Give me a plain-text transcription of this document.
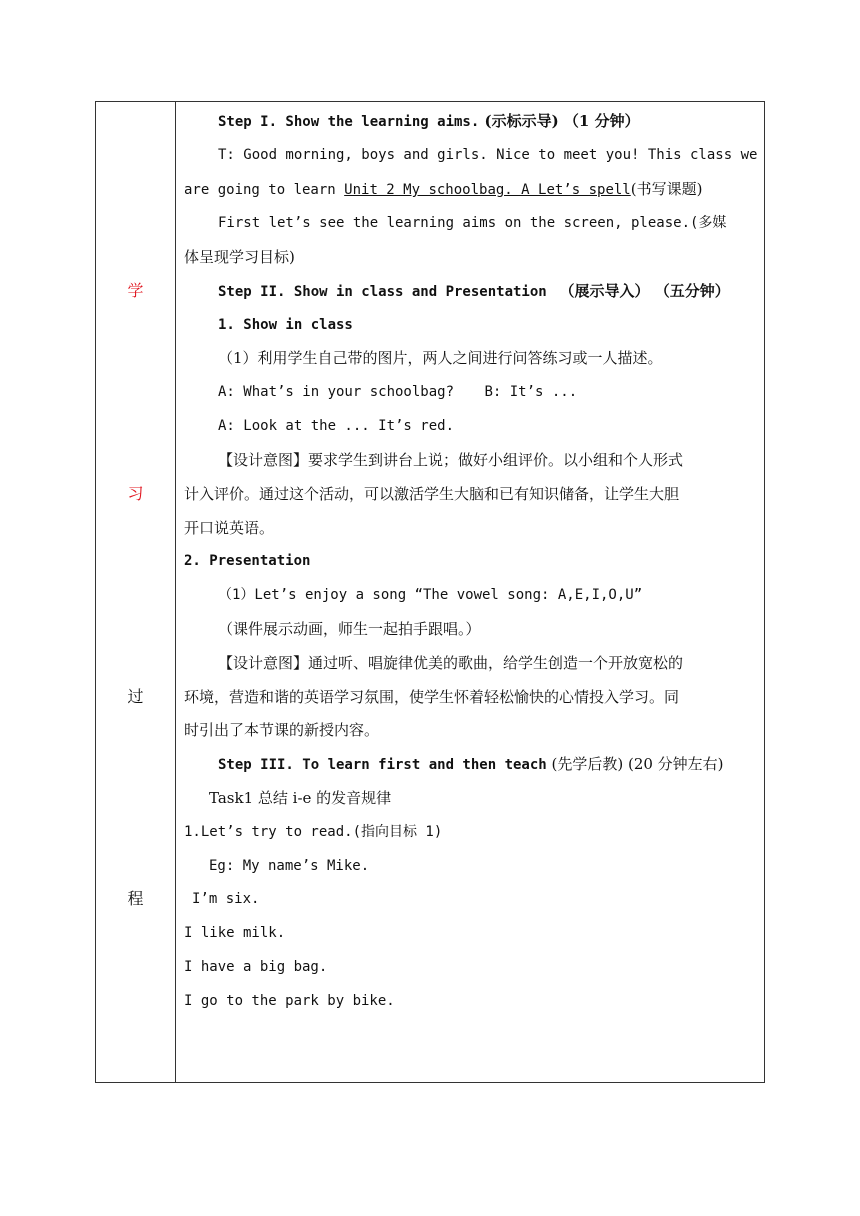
学
习
过
程
Step I. Show the learning aims. (示标示导) （1 分钟）
T: Good morning, boys and girls. Nice to meet you! This class we
are going to learn Unit 2 My schoolbag. A Let’s spell(书写课题)
First let’s see the learning aims on the screen, please.(多媒
体呈现学习目标)
Step II. Show in class and Presentation （展示导入） （五分钟）
1. Show in class
（1）利用学生自己带的图片，两人之间进行问答练习或一人描述。
A: What’s in your schoolbag? B: It’s ...
A: Look at the ... It’s red.
【设计意图】要求学生到讲台上说；做好小组评价。以小组和个人形式
计入评价。通过这个活动，可以激活学生大脑和已有知识储备，让学生大胆
开口说英语。
2. Presentation
（1）Let’s enjoy a song “The vowel song: A,E,I,O,U”
（课件展示动画，师生一起拍手跟唱。）
【设计意图】通过听、唱旋律优美的歌曲，给学生创造一个开放宽松的
环境，营造和谐的英语学习氛围，使学生怀着轻松愉快的心情投入学习。同
时引出了本节课的新授内容。
Step III. To learn first and then teach (先学后教) (20 分钟左右)
Task1 总结 i-e 的发音规律
1.Let’s try to read.(指向目标 1)
Eg: My name’s Mike.
I’m six.
I like milk.
I have a big bag.
I go to the park by bike.
